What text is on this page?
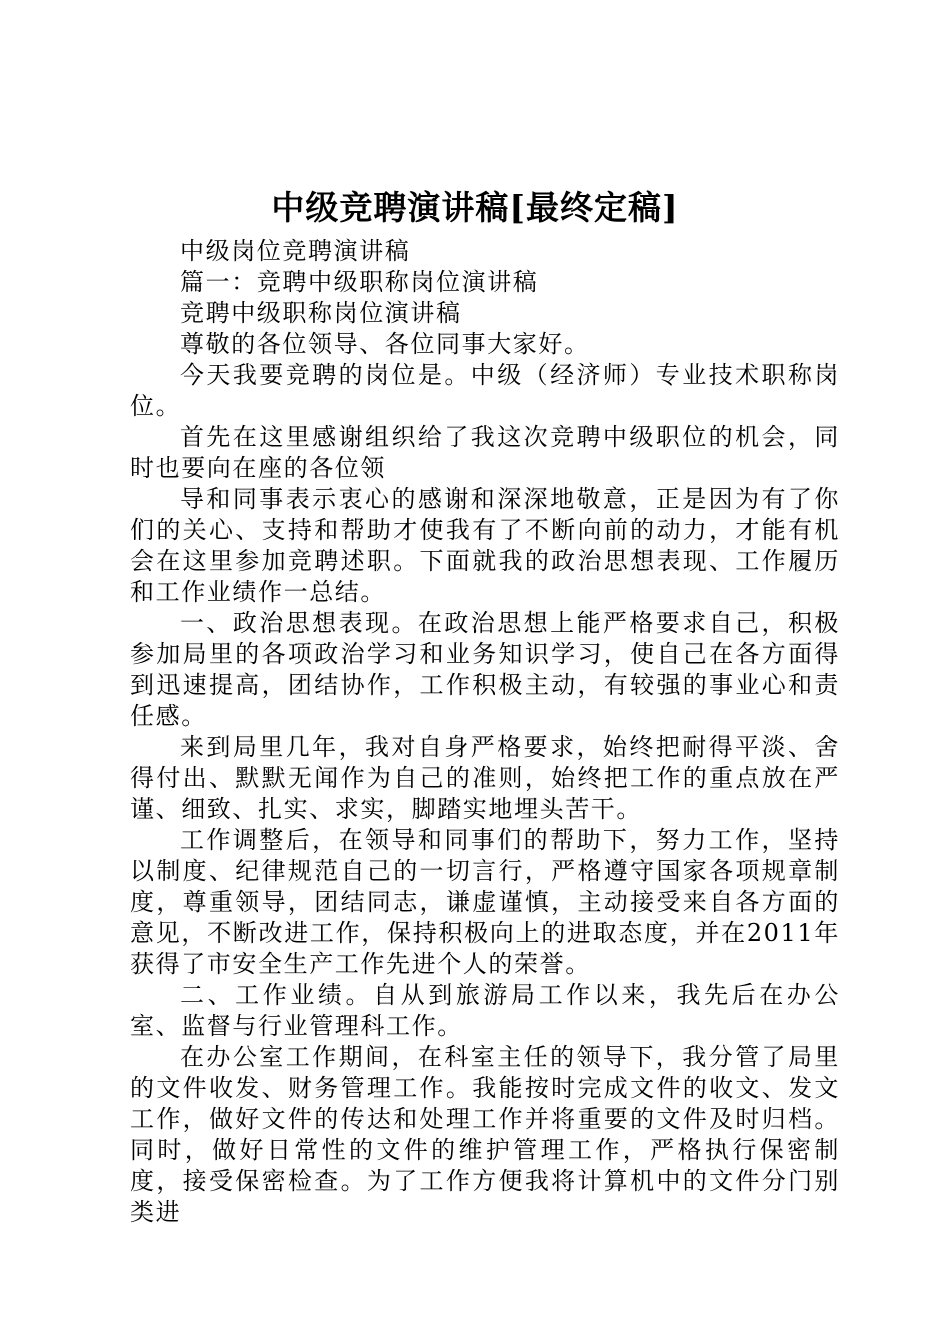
中级竞聘演讲稿[最终定稿]

中级岗位竞聘演讲稿

篇一：竞聘中级职称岗位演讲稿

竞聘中级职称岗位演讲稿

尊敬的各位领导、各位同事大家好。

今天我要竞聘的岗位是。中级（经济师）专业技术职称岗位。

首先在这里感谢组织给了我这次竞聘中级职位的机会，同时也要向在座的各位领

导和同事表示衷心的感谢和深深地敬意，正是因为有了你们的关心、支持和帮助才使我有了不断向前的动力，才能有机会在这里参加竞聘述职。下面就我的政治思想表现、工作履历和工作业绩作一总结。

一、政治思想表现。在政治思想上能严格要求自己，积极参加局里的各项政治学习和业务知识学习，使自己在各方面得到迅速提高，团结协作，工作积极主动，有较强的事业心和责任感。

来到局里几年，我对自身严格要求，始终把耐得平淡、舍得付出、默默无闻作为自己的准则，始终把工作的重点放在严谨、细致、扎实、求实，脚踏实地埋头苦干。

工作调整后，在领导和同事们的帮助下，努力工作，坚持以制度、纪律规范自己的一切言行，严格遵守国家各项规章制度，尊重领导，团结同志，谦虚谨慎，主动接受来自各方面的意见，不断改进工作，保持积极向上的进取态度，并在2011年获得了市安全生产工作先进个人的荣誉。

二、工作业绩。自从到旅游局工作以来，我先后在办公室、监督与行业管理科工作。

在办公室工作期间，在科室主任的领导下，我分管了局里的文件收发、财务管理工作。我能按时完成文件的收文、发文工作，做好文件的传达和处理工作并将重要的文件及时归档。同时，做好日常性的文件的维护管理工作，严格执行保密制度，接受保密检查。为了工作方便我将计算机中的文件分门别类进
